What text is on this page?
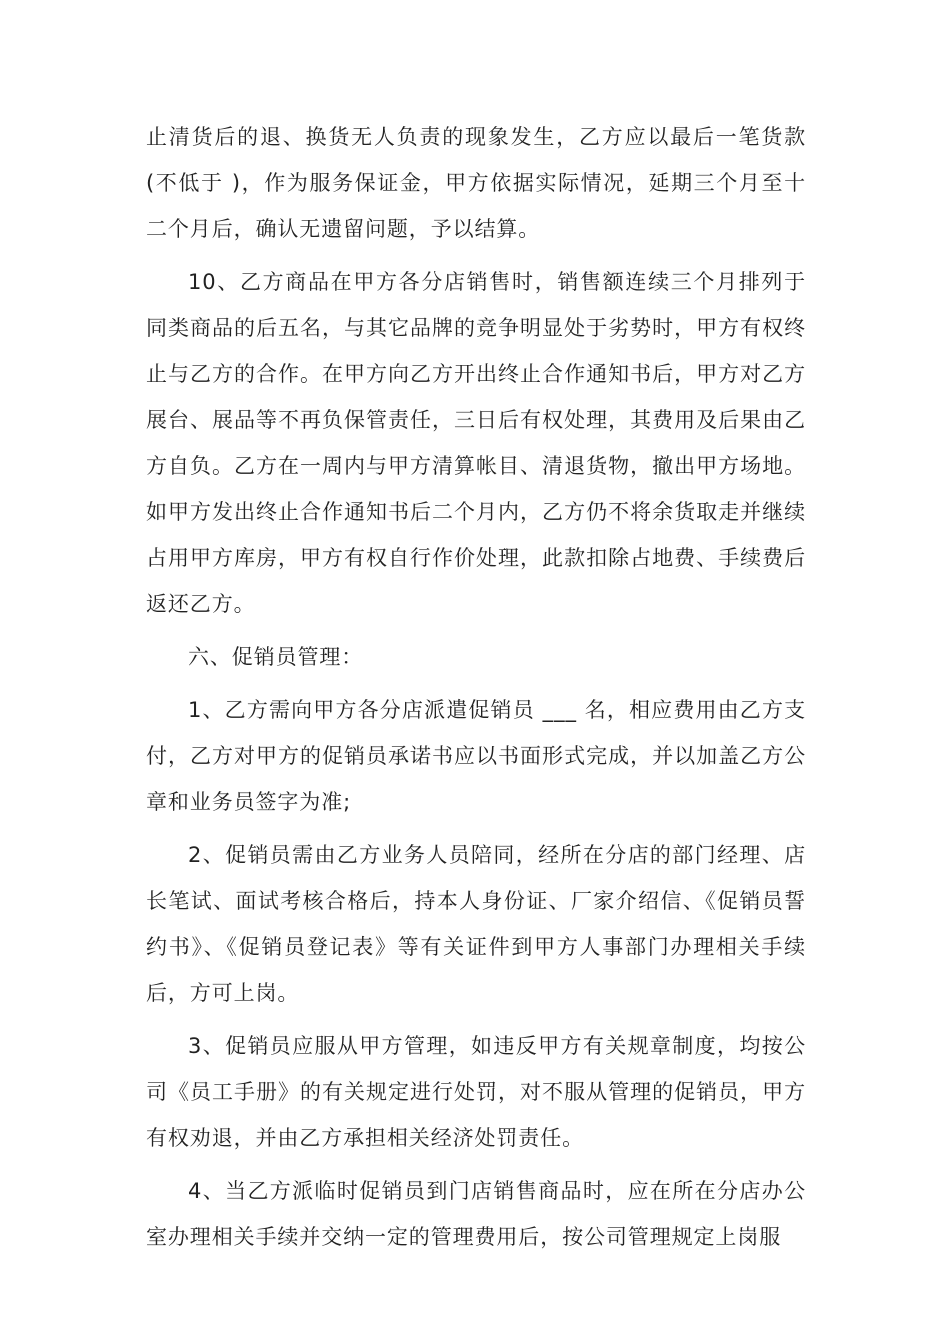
止清货后的退、换货无人负责的现象发生，乙方应以最后一笔货款(不低于 )，作为服务保证金，甲方依据实际情况，延期三个月至十二个月后，确认无遗留问题，予以结算。

10、乙方商品在甲方各分店销售时，销售额连续三个月排列于同类商品的后五名，与其它品牌的竞争明显处于劣势时，甲方有权终止与乙方的合作。在甲方向乙方开出终止合作通知书后，甲方对乙方展台、展品等不再负保管责任，三日后有权处理，其费用及后果由乙方自负。乙方在一周内与甲方清算帐目、清退货物，撤出甲方场地。如甲方发出终止合作通知书后二个月内，乙方仍不将余货取走并继续占用甲方库房，甲方有权自行作价处理，此款扣除占地费、手续费后返还乙方。

六、促销员管理：

1、乙方需向甲方各分店派遣促销员 ___ 名，相应费用由乙方支付，乙方对甲方的促销员承诺书应以书面形式完成，并以加盖乙方公章和业务员签字为准;

2、促销员需由乙方业务人员陪同，经所在分店的部门经理、店长笔试、面试考核合格后，持本人身份证、厂家介绍信、《促销员誓约书》、《促销员登记表》等有关证件到甲方人事部门办理相关手续后，方可上岗。

3、促销员应服从甲方管理，如违反甲方有关规章制度，均按公司《员工手册》的有关规定进行处罚，对不服从管理的促销员，甲方有权劝退，并由乙方承担相关经济处罚责任。

4、当乙方派临时促销员到门店销售商品时，应在所在分店办公室办理相关手续并交纳一定的管理费用后，按公司管理规定上岗服
